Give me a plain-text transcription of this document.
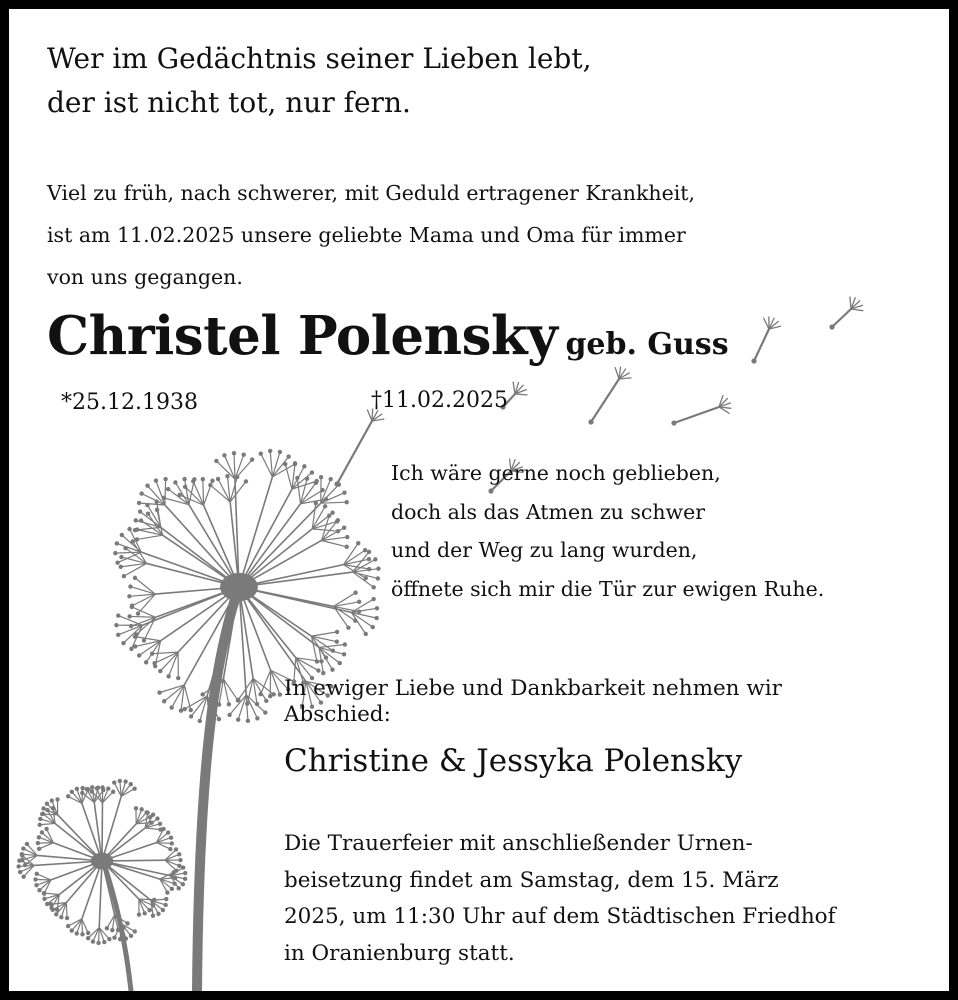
Wer im Gedächtnis seiner Lieben lebt,
der ist nicht tot, nur fern.
Viel zu früh, nach schwerer, mit Geduld ertragener Krankheit,
ist am 11.02.2025 unsere geliebte Mama und Oma für immer
von uns gegangen.
Christel Polensky geb. Guss
*25.12.1938	†11.02.2025
Ich wäre gerne noch geblieben,
doch als das Atmen zu schwer
und der Weg zu lang wurden,
öffnete sich mir die Tür zur ewigen Ruhe.
In ewiger Liebe und Dankbarkeit nehmen wir
Abschied:
Christine & Jessyka Polensky
Die Trauerfeier mit anschließender Urnen-
beisetzung findet am Samstag, dem 15. März
2025, um 11:30 Uhr auf dem Städtischen Friedhof
in Oranienburg statt.
